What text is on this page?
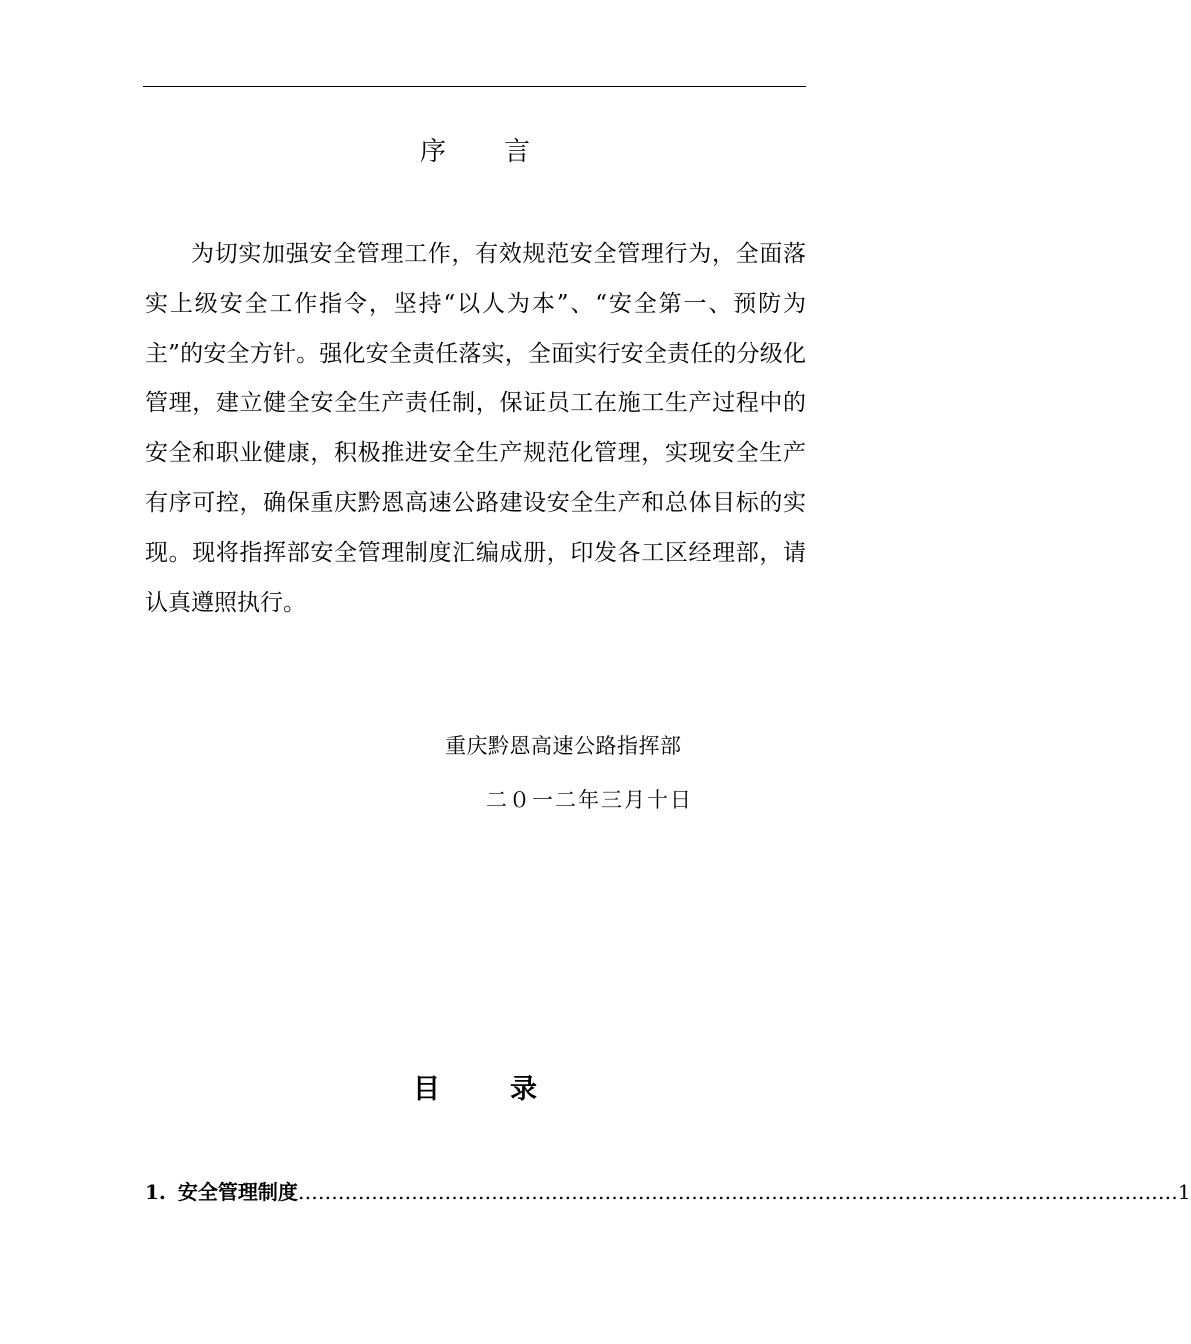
序言
为切实加强安全管理工作，有效规范安全管理行为，全面落实上级安全工作指令，坚持“以人为本”、“安全第一、预防为主”的安全方针。强化安全责任落实，全面实行安全责任的分级化管理，建立健全安全生产责任制，保证员工在施工生产过程中的安全和职业健康，积极推进安全生产规范化管理，实现安全生产有序可控，确保重庆黔恩高速公路建设安全生产和总体目标的实现。现将指挥部安全管理制度汇编成册，印发各工区经理部，请认真遵照执行。
重庆黔恩高速公路指挥部
二０一二年三月十日
目录
1. 安全管理制度 …………………………………………………………………………………………………………………… 1
